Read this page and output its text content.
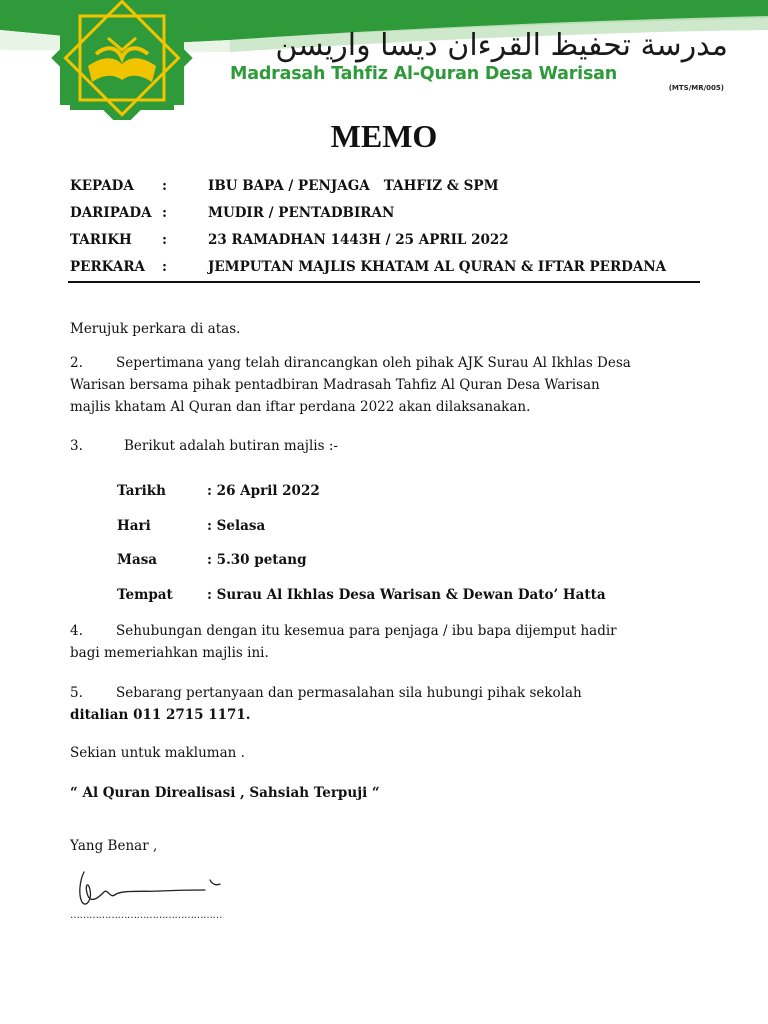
مدرسة تحفيظ القرءان ديسا واريسن
Madrasah Tahfiz Al-Quran Desa Warisan
(MTS/MR/005)
MEMO
KEPADA	:	IBU BAPA / PENJAGA   TAHFIZ & SPM
DARIPADA :	MUDIR / PENTADBIRAN
TARIKH	:	23 RAMADHAN 1443H / 25 APRIL 2022
PERKARA	:	JEMPUTAN MAJLIS KHATAM AL QURAN & IFTAR PERDANA
Merujuk perkara di atas.
2. Sepertimana yang telah dirancangkan oleh pihak AJK Surau Al Ikhlas Desa
Warisan bersama pihak pentadbiran Madrasah Tahfiz Al Quran Desa Warisan
majlis khatam Al Quran dan iftar perdana 2022 akan dilaksanakan.
3.	Berikut adalah butiran majlis :-
Tarikh	: 26 April 2022
Hari	: Selasa
Masa	: 5.30 petang
Tempat	: Surau Al Ikhlas Desa Warisan & Dewan Dato’ Hatta
4. Sehubungan dengan itu kesemua para penjaga / ibu bapa dijemput hadir
bagi memeriahkan majlis ini.
5. Sebarang pertanyaan dan permasalahan sila hubungi pihak sekolah
ditalian 011 2715 1171.
Sekian untuk makluman .
“ Al Quran Direalisasi , Sahsiah Terpuji “
Yang Benar ,
…………………………………………
